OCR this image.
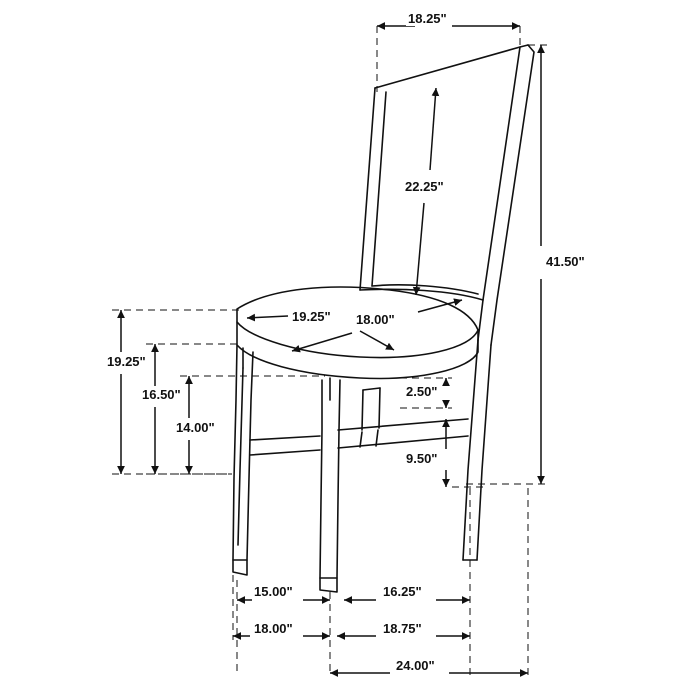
18.25"
22.25"
41.50"
19.25" 18.00"
19.25"
16.50"
14.00"
2.50"
9.50"
15.00"	16.25"
18.00"	18.75"
24.00"
